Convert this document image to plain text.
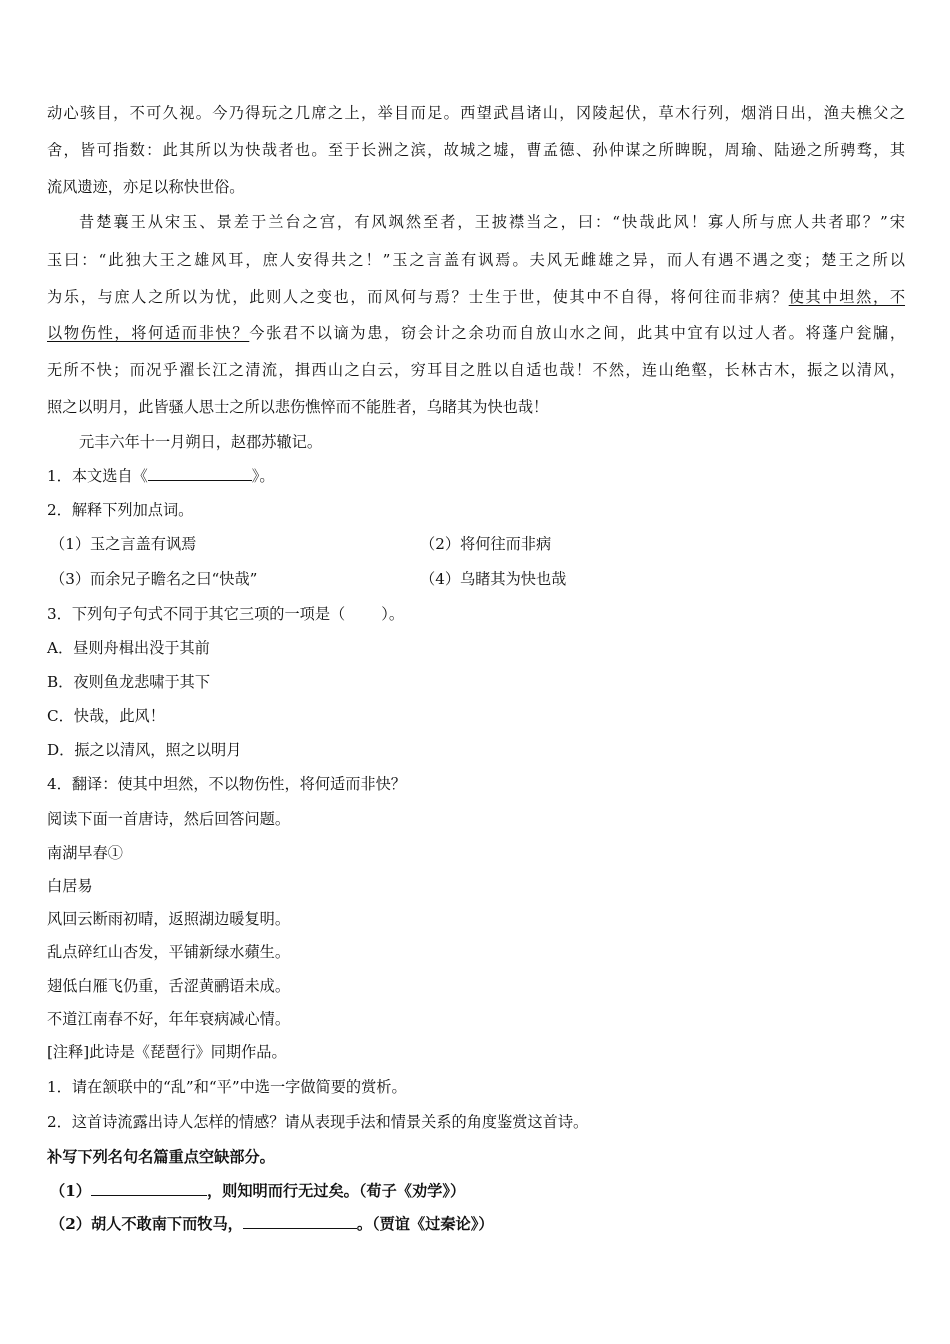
动心骇目，不可久视。今乃得玩之几席之上，举目而足。西望武昌诸山，冈陵起伏，草木行列，烟消日出，渔夫樵父之
舍，皆可指数：此其所以为快哉者也。至于长洲之滨，故城之墟，曹孟德、孙仲谋之所睥睨，周瑜、陆逊之所骋骛，其
流风遗迹，亦足以称快世俗。
昔楚襄王从宋玉、景差于兰台之宫，有风飒然至者，王披襟当之，曰：“快哉此风！寡人所与庶人共者耶？”宋
玉曰：“此独大王之雄风耳，庶人安得共之！”玉之言盖有讽焉。夫风无雌雄之异，而人有遇不遇之变；楚王之所以
为乐，与庶人之所以为忧，此则人之变也，而风何与焉？士生于世，使其中不自得，将何往而非病？使其中坦然，不
以物伤性，将何适而非快？今张君不以谪为患，窃会计之余功而自放山水之间，此其中宜有以过人者。将蓬户瓮牖，
无所不快；而况乎濯长江之清流，揖西山之白云，穷耳目之胜以自适也哉！不然，连山绝壑，长林古木，振之以清风，
照之以明月，此皆骚人思士之所以悲伤憔悴而不能胜者，乌睹其为快也哉！
元丰六年十一月朔日，赵郡苏辙记。
1．本文选自《	》。
2．解释下列加点词。
（1）玉之言盖有讽焉	（2）将何往而非病
（3）而余兄子瞻名之曰“快哉”	（4）乌睹其为快也哉
3．下列句子句式不同于其它三项的一项是（ ）。
A．昼则舟楫出没于其前
B．夜则鱼龙悲啸于其下
C．快哉，此风！
D．振之以清风，照之以明月
4．翻译：使其中坦然，不以物伤性，将何适而非快？
阅读下面一首唐诗，然后回答问题。
南湖早春①
白居易
风回云断雨初晴，返照湖边暖复明。
乱点碎红山杏发，平铺新绿水蘋生。
翅低白雁飞仍重，舌涩黄鹂语未成。
不道江南春不好，年年衰病减心情。
[注释]此诗是《琵琶行》同期作品。
1．请在颔联中的“乱”和“平”中选一字做简要的赏析。
2．这首诗流露出诗人怎样的情感？请从表现手法和情景关系的角度鉴赏这首诗。
补写下列名句名篇重点空缺部分。
（1）	，则知明而行无过矣。（荀子《劝学》）
（2）胡人不敢南下而牧马，	。（贾谊《过秦论》）
